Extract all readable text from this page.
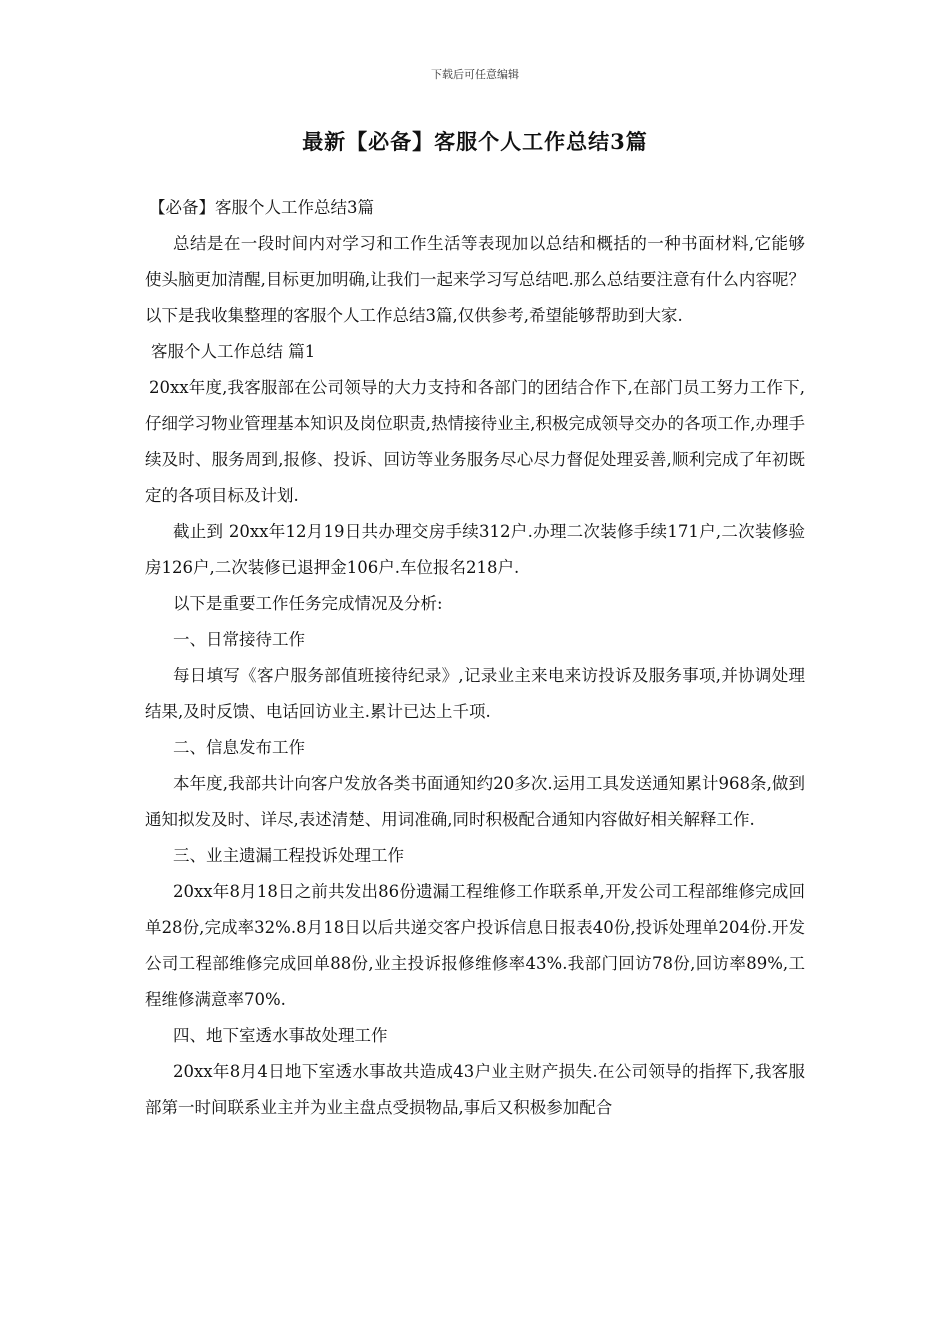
下载后可任意编辑
最新【必备】客服个人工作总结3篇

【必备】客服个人工作总结3篇

总结是在一段时间内对学习和工作生活等表现加以总结和概括的一种书面材料,它能够使头脑更加清醒,目标更加明确,让我们一起来学习写总结吧.那么总结要注意有什么内容呢？以下是我收集整理的客服个人工作总结3篇,仅供参考,希望能够帮助到大家.

客服个人工作总结 篇1

20xx年度,我客服部在公司领导的大力支持和各部门的团结合作下,在部门员工努力工作下,仔细学习物业管理基本知识及岗位职责,热情接待业主,积极完成领导交办的各项工作,办理手续及时、服务周到,报修、投诉、回访等业务服务尽心尽力督促处理妥善,顺利完成了年初既定的各项目标及计划.

截止到 20xx年12月19日共办理交房手续312户.办理二次装修手续171户,二次装修验房126户,二次装修已退押金106户.车位报名218户.

以下是重要工作任务完成情况及分析:

一、日常接待工作

每日填写《客户服务部值班接待纪录》,记录业主来电来访投诉及服务事项,并协调处理结果,及时反馈、电话回访业主.累计已达上千项.

二、信息发布工作

本年度,我部共计向客户发放各类书面通知约20多次.运用工具发送通知累计968条,做到通知拟发及时、详尽,表述清楚、用词准确,同时积极配合通知内容做好相关解释工作.

三、业主遗漏工程投诉处理工作

20xx年8月18日之前共发出86份遗漏工程维修工作联系单,开发公司工程部维修完成回单28份,完成率32%.8月18日以后共递交客户投诉信息日报表40份,投诉处理单204份.开发公司工程部维修完成回单88份,业主投诉报修维修率43%.我部门回访78份,回访率89%,工程维修满意率70%.

四、地下室透水事故处理工作

20xx年8月4日地下室透水事故共造成43户业主财产损失.在公司领导的指挥下,我客服部第一时间联系业主并为业主盘点受损物品,事后又积极参加配合
